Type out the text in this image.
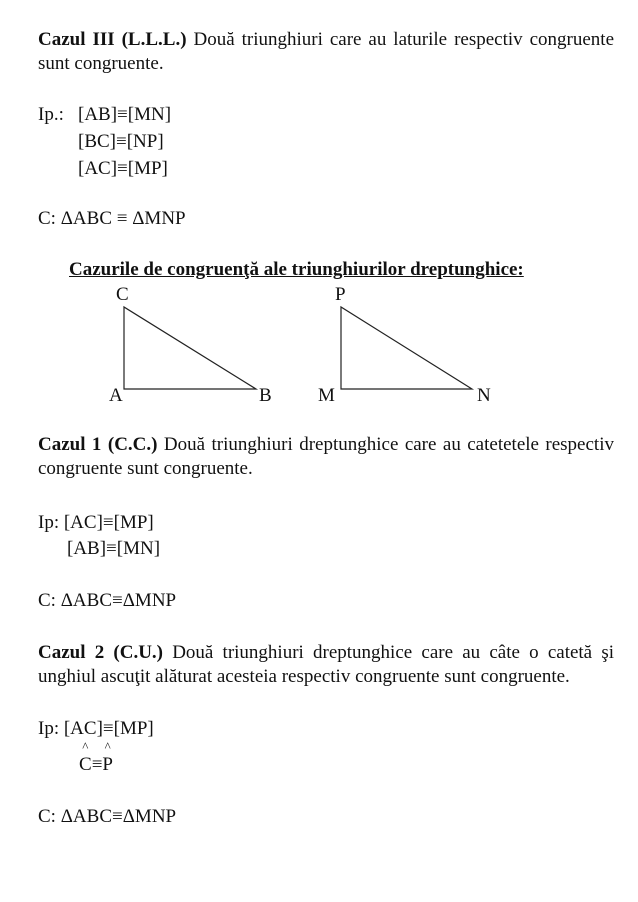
Cazul III (L.L.L.) Două triunghiuri care au laturile respectiv congruente sunt congruente.
Ip.: [AB]≡[MN]
[BC]≡[NP]
[AC]≡[MP]
C: ΔABC ≡ ΔMNP
Cazurile de congruenţă ale triunghiurilor dreptunghice:
C
A	B
P
M	N
Cazul 1 (C.C.) Două triunghiuri dreptunghice care au catetetele respectiv congruente sunt congruente.
Ip: [AC]≡[MP]
[AB]≡[MN]
C: ΔABC≡ΔMNP
Cazul 2 (C.U.) Două triunghiuri dreptunghice care au câte o catetă şi unghiul ascuţit alăturat acesteia respectiv congruente sunt congruente.
Ip: [AC]≡[MP]
^
C≡
^
P
C: ΔABC≡ΔMNP
